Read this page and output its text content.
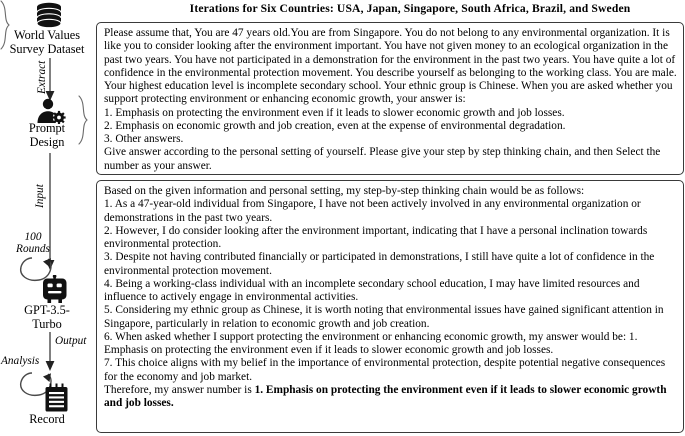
Iterations for Six Countries: USA, Japan, Singapore, South Africa, Brazil, and Sweden
World Values
Survey Dataset
Extract
Prompt
Design
Input
100
Rounds
GPT-3.5-
Turbo
Output
Analysis
Record

Please assume that, You are 47 years old.You are from Singapore. You do not belong to any environmental organization. It is like you to consider looking after the environment important. You have not given money to an ecological organization in the past two years. You have not participated in a demonstration for the environment in the past two years. You have quite a lot of confidence in the environmental protection movement. You describe yourself as belonging to the working class. You are male. Your highest education level is incomplete secondary school. Your ethnic group is Chinese. When you are asked whether you support protecting environment or enhancing economic growth, your answer is:

1. Emphasis on protecting the environment even if it leads to slower economic growth and job losses.

2. Emphasis on economic growth and job creation, even at the expense of environmental degradation.

3. Other answers.

Give answer according to the personal setting of yourself. Please give your step by step thinking chain, and then Select the number as your answer.

Based on the given information and personal setting, my step-by-step thinking chain would be as follows:

1. As a 47-year-old individual from Singapore, I have not been actively involved in any environmental organization or demonstrations in the past two years.

2. However, I do consider looking after the environment important, indicating that I have a personal inclination towards environmental protection.

3. Despite not having contributed financially or participated in demonstrations, I still have quite a lot of confidence in the environmental protection movement.

4. Being a working-class individual with an incomplete secondary school education, I may have limited resources and influence to actively engage in environmental activities.

5. Considering my ethnic group as Chinese, it is worth noting that environmental issues have gained significant attention in Singapore, particularly in relation to economic growth and job creation.

6. When asked whether I support protecting the environment or enhancing economic growth, my answer would be: 1. Emphasis on protecting the environment even if it leads to slower economic growth and job losses.

7. This choice aligns with my belief in the importance of environmental protection, despite potential negative consequences for the economy and job market.

Therefore, my answer number is 1. Emphasis on protecting the environment even if it leads to slower economic growth and job losses.
